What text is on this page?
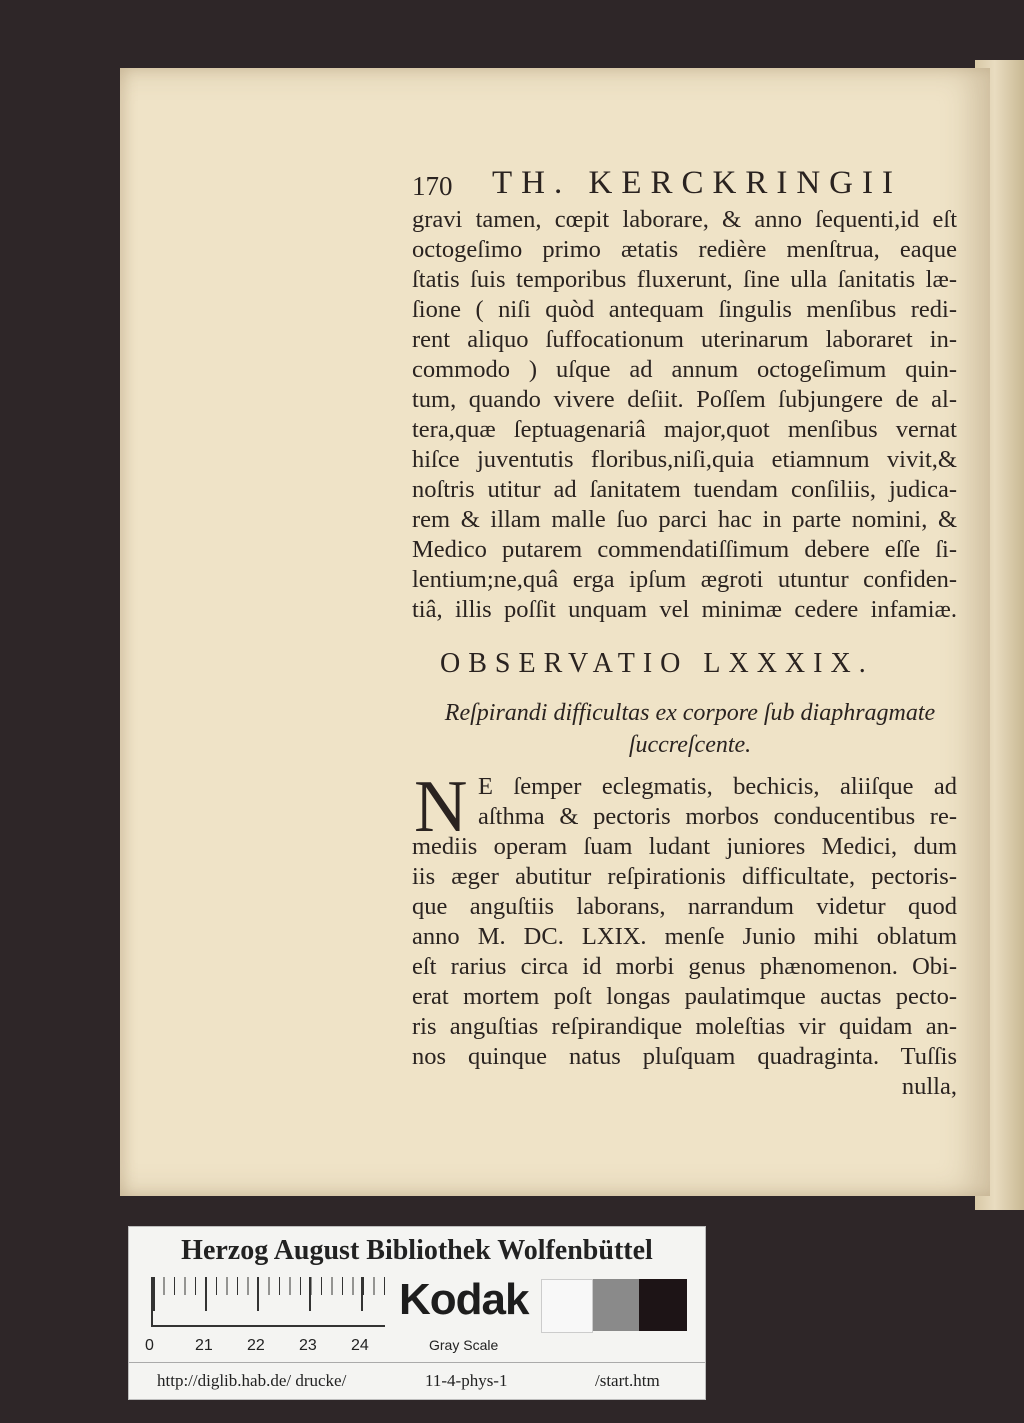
170 TH. KERCKRINGII
gravi tamen, cœpit laborare, & anno ſequenti,id eſt
octogeſimo primo ætatis redière menſtrua, eaque
ſtatis ſuis temporibus fluxerunt, ſine ulla ſanitatis læ-
ſione ( niſi quòd antequam ſingulis menſibus redi-
rent aliquo ſuffocationum uterinarum laboraret in-
commodo ) uſque ad annum octogeſimum quin-
tum, quando vivere deſiit. Poſſem ſubjungere de al-
tera,quæ ſeptuagenariâ major,quot menſibus vernat
hiſce juventutis floribus,niſi,quia etiamnum vivit,&
noſtris utitur ad ſanitatem tuendam conſiliis, judica-
rem & illam malle ſuo parci hac in parte nomini, &
Medico putarem commendatiſſimum debere eſſe ſi-
lentium;ne,quâ erga ipſum ægroti utuntur confiden-
tiâ, illis poſſit unquam vel minimæ cedere infamiæ.
OBSERVATIO LXXXIX.
Reſpirandi difficultas ex corpore ſub diaphragmate
ſuccreſcente.
N E ſemper eclegmatis, bechicis, aliiſque ad
aſthma & pectoris morbos conducentibus re-
mediis operam ſuam ludant juniores Medici, dum
iis æger abutitur reſpirationis difficultate, pectoris-
que anguſtiis laborans, narrandum videtur quod
anno M. DC. LXIX. menſe Junio mihi oblatum
eſt rarius circa id morbi genus phænomenon. Obi-
erat mortem poſt longas paulatimque auctas pecto-
ris anguſtias reſpirandique moleſtias vir quidam an-
nos quinque natus pluſquam quadraginta. Tuſſis
nulla,
Herzog August Bibliothek Wolfenbüttel
0	21 22 23 24
Kodak
Gray Scale
http://diglib.hab.de/ drucke/	11-4-phys-1	/start.htm
